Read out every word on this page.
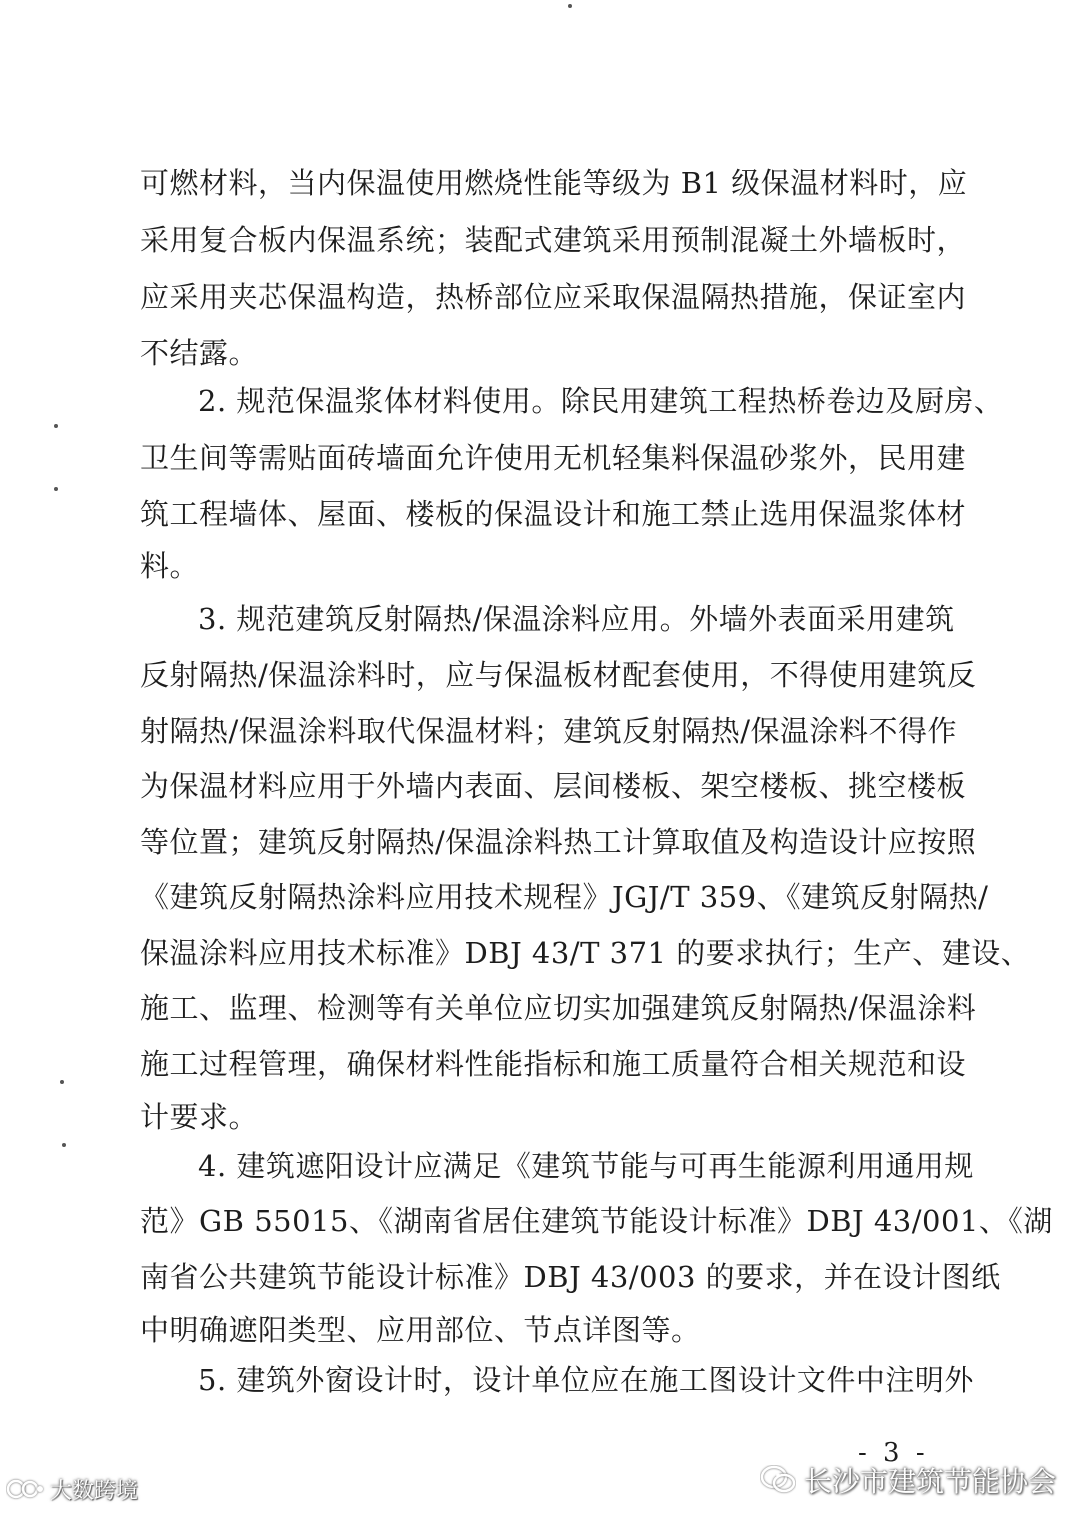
可燃材料，当内保温使用燃烧性能等级为 B1 级保温材料时，应
采用复合板内保温系统；装配式建筑采用预制混凝土外墙板时，
应采用夹芯保温构造，热桥部位应采取保温隔热措施，保证室内
不结露。
2. 规范保温浆体材料使用。除民用建筑工程热桥卷边及厨房、
卫生间等需贴面砖墙面允许使用无机轻集料保温砂浆外，民用建
筑工程墙体、屋面、楼板的保温设计和施工禁止选用保温浆体材
料。
3. 规范建筑反射隔热/保温涂料应用。外墙外表面采用建筑
反射隔热/保温涂料时，应与保温板材配套使用，不得使用建筑反
射隔热/保温涂料取代保温材料；建筑反射隔热/保温涂料不得作
为保温材料应用于外墙内表面、层间楼板、架空楼板、挑空楼板
等位置；建筑反射隔热/保温涂料热工计算取值及构造设计应按照
《建筑反射隔热涂料应用技术规程》JGJ/T 359、《建筑反射隔热/
保温涂料应用技术标准》DBJ 43/T 371 的要求执行；生产、建设、
施工、监理、检测等有关单位应切实加强建筑反射隔热/保温涂料
施工过程管理，确保材料性能指标和施工质量符合相关规范和设
计要求。
4. 建筑遮阳设计应满足《建筑节能与可再生能源利用通用规
范》GB 55015、《湖南省居住建筑节能设计标准》DBJ 43/001、《湖
南省公共建筑节能设计标准》DBJ 43/003 的要求，并在设计图纸
中明确遮阳类型、应用部位、节点详图等。
5. 建筑外窗设计时，设计单位应在施工图设计文件中注明外
- 3 -
长沙市建筑节能协会
大数跨境
